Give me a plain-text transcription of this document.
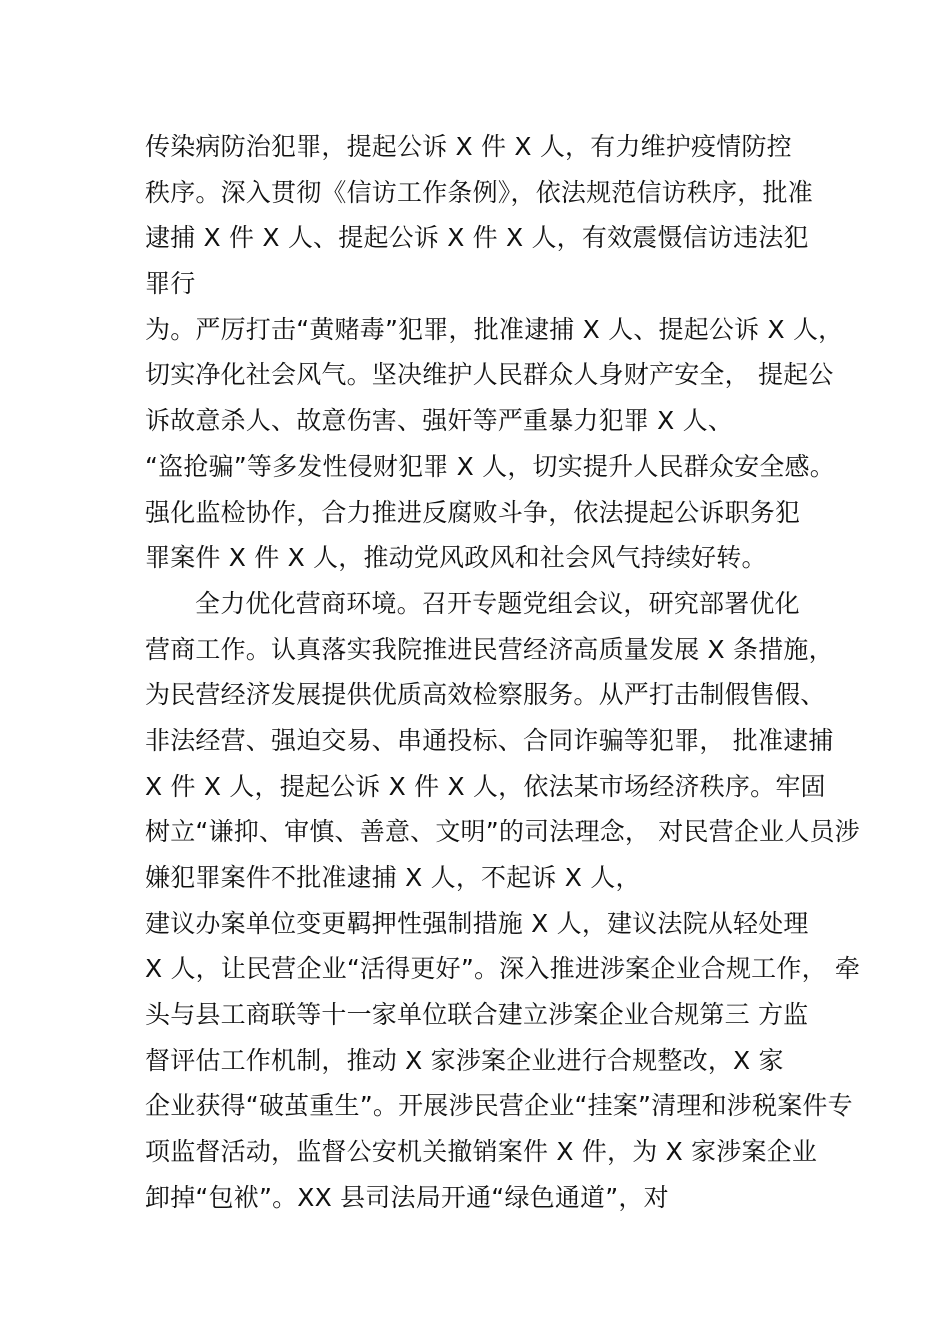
传染病防治犯罪，提起公诉 X 件 X 人，有力维护疫情防控
秩序。深入贯彻《信访工作条例》，依法规范信访秩序，批准
逮捕 X 件 X 人、提起公诉 X 件 X 人，有效震慑信访违法犯
罪行
为。严厉打击“黄赌毒”犯罪，批准逮捕 X 人、提起公诉 X 人，
切实净化社会风气。坚决维护人民群众人身财产安全， 提起公
诉故意杀人、故意伤害、强奸等严重暴力犯罪 X 人、
“盗抢骗”等多发性侵财犯罪 X 人，切实提升人民群众安全感。
强化监检协作，合力推进反腐败斗争，依法提起公诉职务犯
罪案件 X 件 X 人，推动党风政风和社会风气持续好转。
全力优化营商环境。召开专题党组会议，研究部署优化
营商工作。认真落实我院推进民营经济高质量发展 X 条措施，
为民营经济发展提供优质高效检察服务。从严打击制假售假、
非法经营、强迫交易、串通投标、合同诈骗等犯罪， 批准逮捕
X 件 X 人，提起公诉 X 件 X 人，依法某市场经济秩序。牢固
树立“谦抑、审慎、善意、文明”的司法理念， 对民营企业人员涉
嫌犯罪案件不批准逮捕 X 人，不起诉 X 人，
建议办案单位变更羁押性强制措施 X 人，建议法院从轻处理
X 人，让民营企业“活得更好”。深入推进涉案企业合规工作， 牵
头与县工商联等十一家单位联合建立涉案企业合规第三 方监
督评估工作机制，推动 X 家涉案企业进行合规整改，X 家
企业获得“破茧重生”。开展涉民营企业“挂案”清理和涉税案件专
项监督活动，监督公安机关撤销案件 X 件，为 X 家涉案企业
卸掉“包袱”。XX 县司法局开通“绿色通道”，对
